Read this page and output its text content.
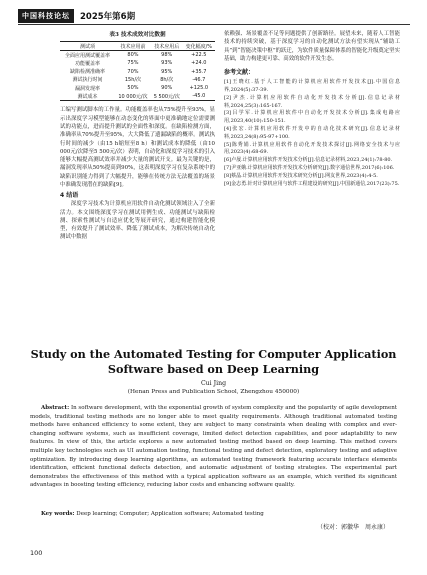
中国科技论坛	2025年第6期
表3 技术成效对比数据
测试项	技术应用前	技术应用后	变化幅度/%
全面应用测试覆盖率	80%	98%	+22.5
功能覆盖率	75%	93%	+24.0
缺陷检测准确率	70%	95%	+35.7
测试执行时间	15h/次	8h/次	-46.7
漏洞发现率	50%	90%	+125.0
测试成本	10 000元/次	5 500元/次	-45.0

工编写测试脚本的工作量。功能覆盖率也从75%提升至93%，显示出深度学习模型能够在动态变化的界面中更准确地定位需要测试的功能点，进而提升测试的全面性和深度。在缺陷检测方面，准确率从70%提升至95%，大大降低了遗漏缺陷的概率。测试执行时间的减少（由15 h缩短至8 h）和测试成本的降低（由10 000元/次降至5 500元/次）表明，自动化和深度学习技术的引入能够大幅提高测试效率并减少大量的测试开支。最为关键的是，漏洞发现率从50%提高到90%，这表明深度学习在复杂系统中的缺陷识别能力得到了大幅提升，能够在传统方法无法覆盖的场景中准确发现潜在的缺陷[9]。

4 结语

深度学习技术为计算机应用软件自动化测试领域注入了全新活力。本文围绕深度学习在测试用例生成、功能测试与缺陷检测、探索性测试与自适应优化等展开研究，通过构建智能化模型，有效提升了测试效率、降低了测试成本，为解决传统自动化测试中数据

依赖强、场景覆盖不足等问题提供了创新路径。展望未来，随着人工智能技术的持续突破，基于深度学习的自动化测试方法有望实现从“辅助工具”到“智能决策中枢”的跃迁，为软件质量保障体系的智能化升级奠定坚实基础，助力构建更可靠、高效的软件开发生态。

参考文献：

[1]王晓红.基于人工智能的计算机应用软件开发技术[J].中国信息界,2024(5):37-39.

[2]尹杰.计算机应用软件自动化开发技术分析[J].信息记录材料,2024,25(3):165-167.

[3]吕学军.计算机应用软件中自动化开发技术分析[J].集成电路应用,2023,40(10):150-151.

[4]张宏.计算机应用软件开发中的自动化技术研究[J].信息记录材料,2023,24(8):95-97+100.

[5]陈秀娟.计算机应用软件自动化开发技术探讨[J].网络安全技术与应用,2023(4):68-69.

[6]卢晟.计算机应用软件开发技术分析[J].信息记录材料,2023,24(1):78-80.

[7]尹亚娥.计算机应用软件开发技术分析研究[J].数字通信世界,2017(6):106.

[8]蔡晶.计算机应用软件开发技术研究分析[J].网友世界,2023(4):4-5.

[9]金志勇.针对计算机应用与软件工程建设的研究[J].中国新通信,2017(23):75.

Study on the Automated Testing for Computer Application Software based on Deep Learning
Cui Jing
(Henan Press and Publication School, Zhengzhou 450000)

Abstract: In software development, with the exponential growth of system complexity and the popularity of agile development models, traditional testing methods are no longer able to meet quality requirements. Although traditional automated testing methods have enhanced efficiency to some extent, they are subject to many constraints when dealing with complex and ever-changing software systems, such as insufficient coverage, limited defect detection capabilities, and poor adaptability to new features. In view of this, the article explores a new automated testing method based on deep learning. This method covers multiple key technologies such as UI automation testing, functional testing and defect detection, exploratory testing and adaptive optimization. By introducing deep learning algorithms, an automated testing framework featuring accurate interface elements identification, efficient functional defects detection, and automatic adjustment of testing strategies. The experimental part demonstrates the effectiveness of this method with a typical application software as an example, which verified its significant advantages in boosting testing efficiency, reducing labor costs and enhancing software quality.

Key words: Deep learning; Computer; Application software; Automated testing

（校对：郭徽华　周永康）
100
